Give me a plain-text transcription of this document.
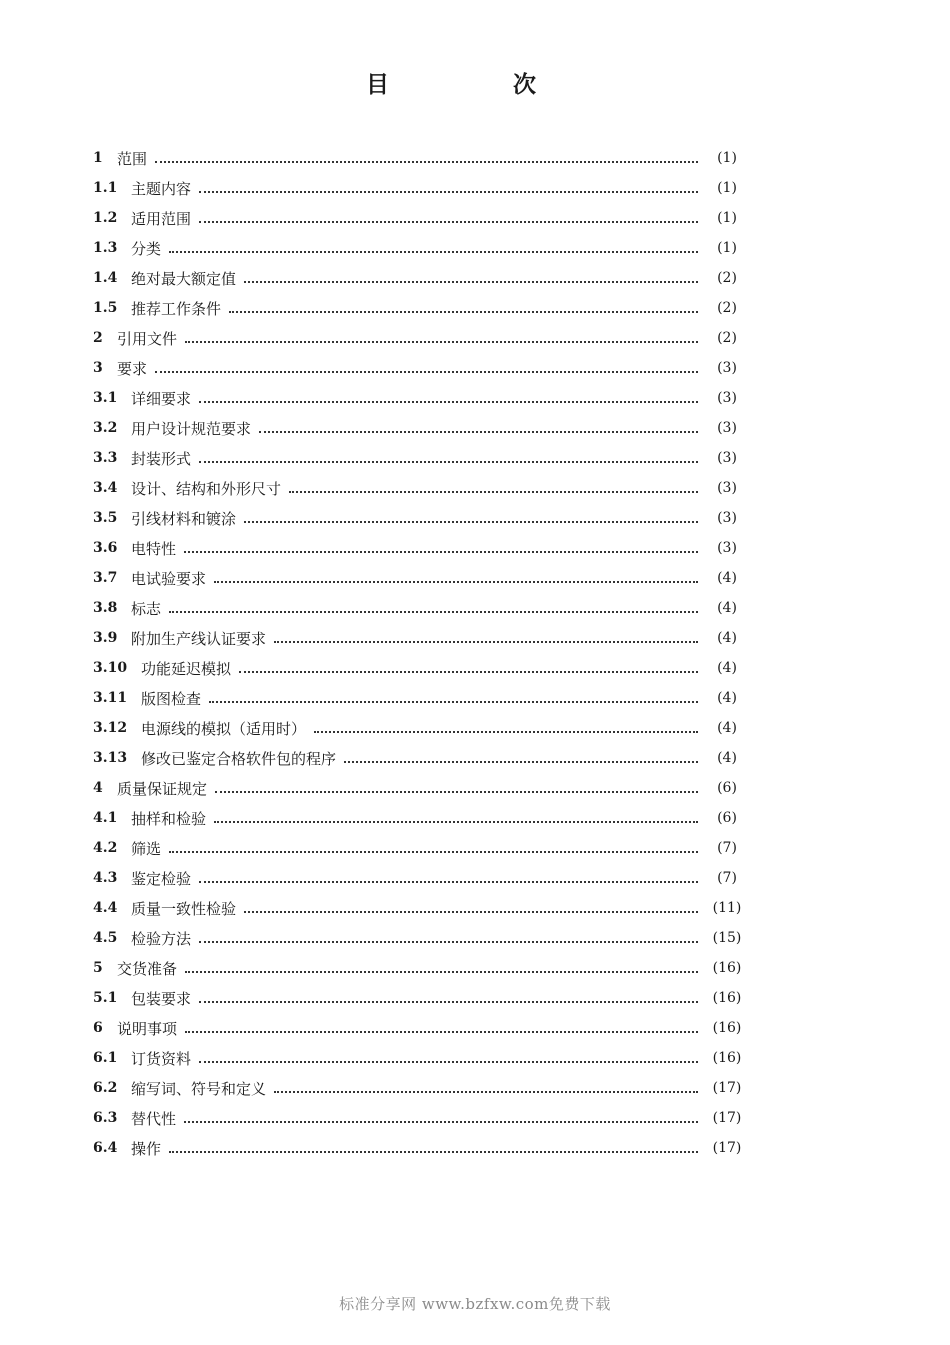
目 次
1 范围	(1)
1.1 主题内容	(1)
1.2 适用范围	(1)
1.3 分类	(1)
1.4 绝对最大额定值	(2)
1.5 推荐工作条件	(2)
2 引用文件	(2)
3 要求	(3)
3.1 详细要求	(3)
3.2 用户设计规范要求	(3)
3.3 封装形式	(3)
3.4 设计、结构和外形尺寸	(3)
3.5 引线材料和镀涂	(3)
3.6 电特性	(3)
3.7 电试验要求	(4)
3.8 标志	(4)
3.9 附加生产线认证要求	(4)
3.10 功能延迟模拟	(4)
3.11 版图检查	(4)
3.12 电源线的模拟（适用时）	(4)
3.13 修改已鉴定合格软件包的程序	(4)
4 质量保证规定	(6)
4.1 抽样和检验	(6)
4.2 筛选	(7)
4.3 鉴定检验	(7)
4.4 质量一致性检验	(11)
4.5 检验方法	(15)
5 交货准备	(16)
5.1 包装要求	(16)
6 说明事项	(16)
6.1 订货资料	(16)
6.2 缩写词、符号和定义	(17)
6.3 替代性	(17)
6.4 操作	(17)
标准分享网 www.bzfxw.com免费下载
